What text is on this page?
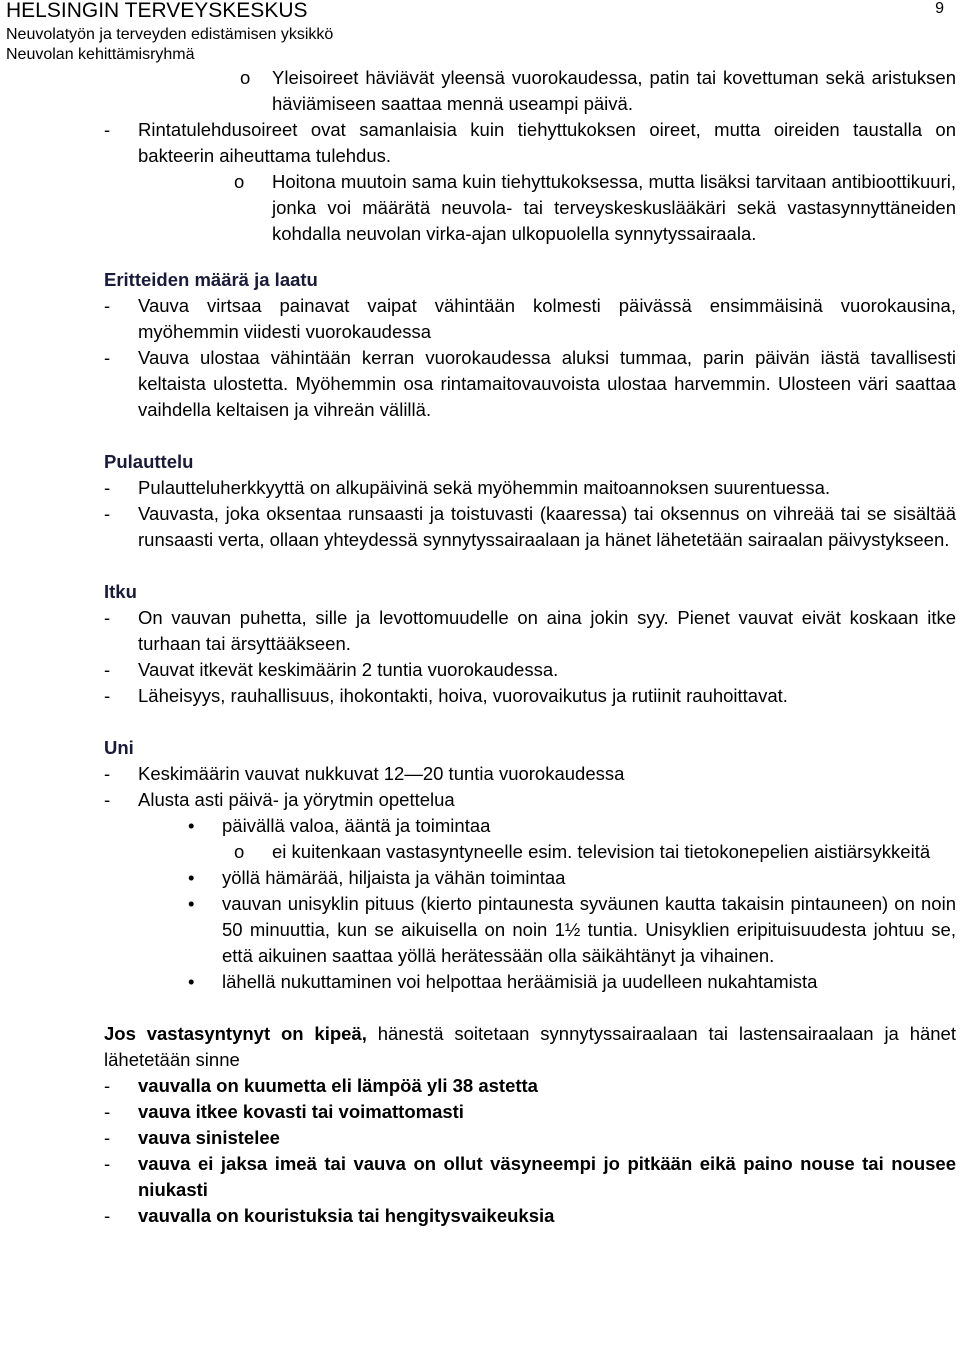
HELSINGIN TERVEYSKESKUS
Neuvolatyön ja terveyden edistämisen yksikkö
Neuvolan kehittämisryhmä
9
o	Yleisoireet häviävät yleensä vuorokaudessa, patin tai kovettuman sekä aristuksen häviämiseen saattaa mennä useampi päivä.
-	Rintatulehdusoireet ovat samanlaisia kuin tiehyttukoksen oireet, mutta oireiden taustalla on bakteerin aiheuttama tulehdus.
o	Hoitona muutoin sama kuin tiehyttukoksessa, mutta lisäksi tarvitaan antibioottikuuri, jonka voi määrätä neuvola- tai terveyskeskuslääkäri sekä vastasynnyttäneiden kohdalla neuvolan virka-ajan ulkopuolella synnytyssairaala.
Eritteiden määrä ja laatu
-	Vauva virtsaa painavat vaipat vähintään kolmesti päivässä ensimmäisinä vuorokausina, myöhemmin viidesti vuorokaudessa
-	Vauva ulostaa vähintään kerran vuorokaudessa aluksi tummaa, parin päivän iästä tavallisesti keltaista ulostetta. Myöhemmin osa rintamaitovauvoista ulostaa harvemmin. Ulosteen väri saattaa vaihdella keltaisen ja vihreän välillä.
Pulauttelu
-	Pulautteluherkkyyttä on alkupäivinä sekä myöhemmin maitoannoksen suurentuessa.
-	Vauvasta, joka oksentaa runsaasti ja toistuvasti (kaaressa) tai oksennus on vihreää tai se sisältää runsaasti verta, ollaan yhteydessä synnytyssairaalaan ja hänet lähetetään sairaalan päivystykseen.
Itku
-	On vauvan puhetta, sille ja levottomuudelle on aina jokin syy. Pienet vauvat eivät koskaan itke turhaan tai ärsyttääkseen.
-	Vauvat itkevät keskimäärin 2 tuntia vuorokaudessa.
-	Läheisyys, rauhallisuus, ihokontakti, hoiva, vuorovaikutus ja rutiinit rauhoittavat.
Uni
-	Keskimäärin vauvat nukkuvat 12—20 tuntia vuorokaudessa
-	Alusta asti päivä- ja yörytmin opettelua
•	päivällä valoa, ääntä ja toimintaa
o	ei kuitenkaan vastasyntyneelle esim. television tai tietokonepelien aistiärsykkeitä
•	yöllä hämärää, hiljaista ja vähän toimintaa
•	vauvan unisyklin pituus (kierto pintaunesta syväunen kautta takaisin pintauneen) on noin 50 minuuttia, kun se aikuisella on noin 1½ tuntia. Unisyklien eripituisuudesta johtuu se, että aikuinen saattaa yöllä herätessään olla säikähtänyt ja vihainen.
•	lähellä nukuttaminen voi helpottaa heräämisiä ja uudelleen nukahtamista
Jos vastasyntynyt on kipeä, hänestä soitetaan synnytyssairaalaan tai lastensairaalaan ja hänet lähetetään sinne
-	vauvalla on kuumetta eli lämpöä yli 38 astetta
-	vauva itkee kovasti tai voimattomasti
-	vauva sinistelee
-	vauva ei jaksa imeä tai vauva on ollut väsyneempi jo pitkään eikä paino nouse tai nousee niukasti
-	vauvalla on kouristuksia tai hengitysvaikeuksia
